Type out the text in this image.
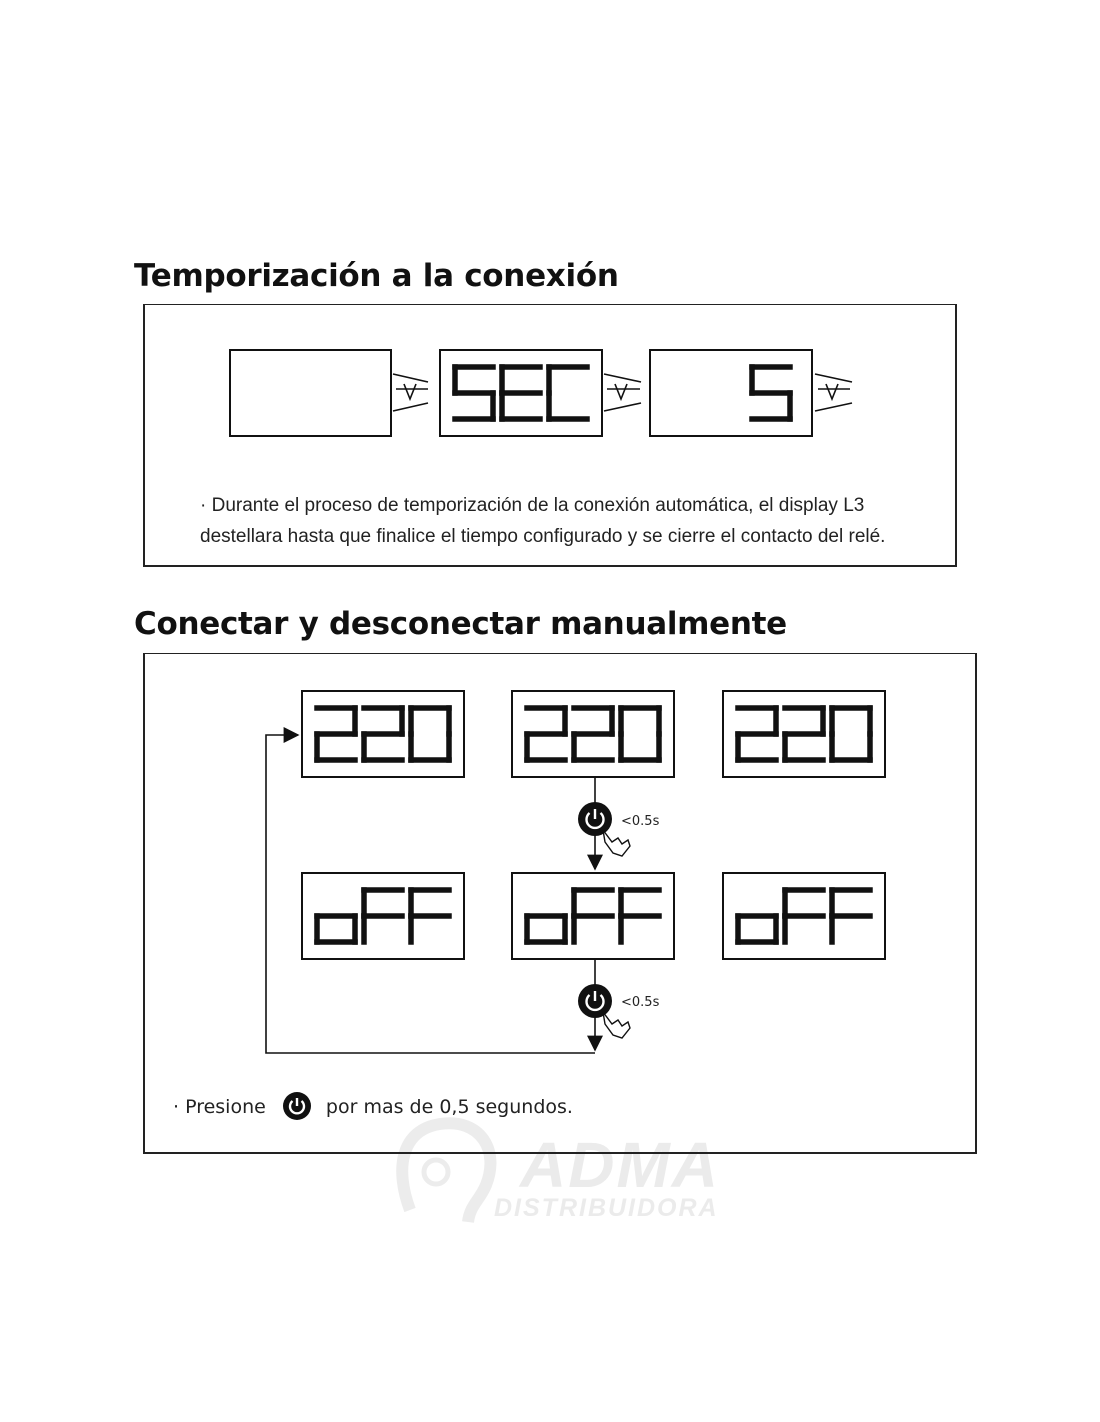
ADMA
DISTRIBUIDORA
Temporización a la conexión
Conectar y desconectar manualmente
· Durante el proceso de temporización de la conexión automática, el display L3
destellara hasta que finalice el tiempo configurado y se cierre el contacto del relé.
· Presione	por mas de 0,5 segundos.
<0.5s
<0.5s
